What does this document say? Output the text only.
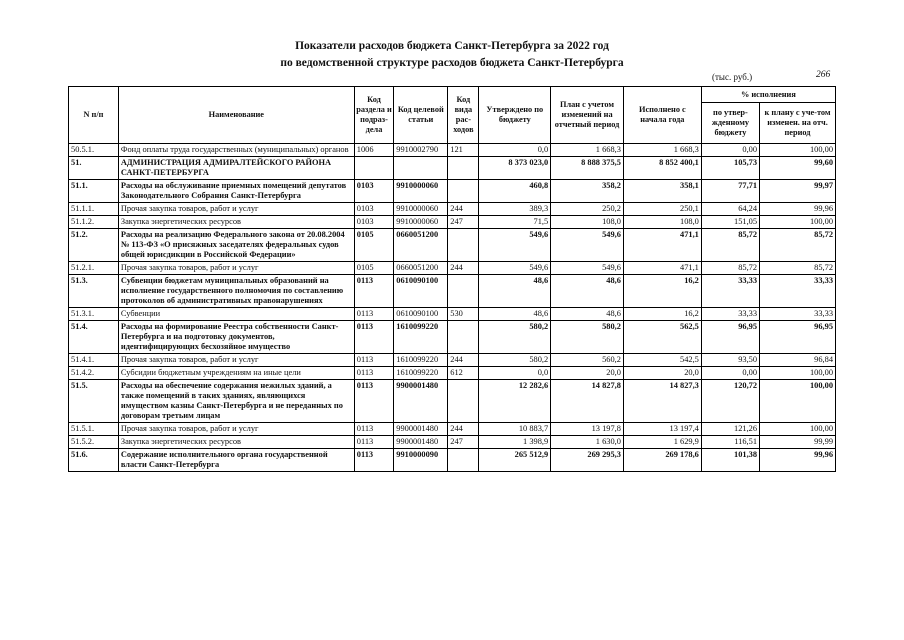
Показатели расходов бюджета Санкт-Петербурга за 2022 год
по ведомственной структуре расходов бюджета Санкт-Петербурга
(тыс. руб.)	266
N п/п	Наименование	Код раздела и подраз-дела	Код целевой статьи	Код вида рас-ходов	Утверждено по бюджету	План с учетом изменений на отчетный период	Исполнено с начала года	% исполнения	
								по утвер-жденному бюджету	к плану с уче-том изменен. на отч. период
50.5.1.	Фонд оплаты труда государственных (муниципальных) органов	1006	9910002790	121	0,0	1 668,3	1 668,3	0,00	100,00
51.	АДМИНИСТРАЦИЯ АДМИРАЛТЕЙСКОГО РАЙОНА САНКТ-ПЕТЕРБУРГА				8 373 023,0	8 888 375,5	8 852 400,1	105,73	99,60
51.1.	Расходы на обслуживание приемных помещений депутатов Законодательного Собрания Санкт-Петербурга	0103	9910000060		460,8	358,2	358,1	77,71	99,97
51.1.1.	Прочая закупка товаров, работ и услуг	0103	9910000060	244	389,3	250,2	250,1	64,24	99,96
51.1.2.	Закупка энергетических ресурсов	0103	9910000060	247	71,5	108,0	108,0	151,05	100,00
51.2.	Расходы на реализацию Федерального закона от 20.08.2004 № 113-ФЗ «О присяжных заседателях федеральных судов общей юрисдикции в Российской Федерации»	0105	0660051200		549,6	549,6	471,1	85,72	85,72
51.2.1.	Прочая закупка товаров, работ и услуг	0105	0660051200	244	549,6	549,6	471,1	85,72	85,72
51.3.	Субвенции бюджетам муниципальных образований на исполнение государственного полномочия по составлению протоколов об административных правонарушениях	0113	0610090100		48,6	48,6	16,2	33,33	33,33
51.3.1.	Субвенции	0113	0610090100	530	48,6	48,6	16,2	33,33	33,33
51.4.	Расходы на формирование Реестра собственности Санкт-Петербурга и на подготовку документов, идентифицирующих бесхозяйное имущество	0113	1610099220		580,2	580,2	562,5	96,95	96,95
51.4.1.	Прочая закупка товаров, работ и услуг	0113	1610099220	244	580,2	560,2	542,5	93,50	96,84
51.4.2.	Субсидии бюджетным учреждениям на иные цели	0113	1610099220	612	0,0	20,0	20,0	0,00	100,00
51.5.	Расходы на обеспечение содержания нежилых зданий, а также помещений в таких зданиях, являющихся имуществом казны Санкт-Петербурга и не переданных по договорам третьим лицам	0113	9900001480		12 282,6	14 827,8	14 827,3	120,72	100,00
51.5.1.	Прочая закупка товаров, работ и услуг	0113	9900001480	244	10 883,7	13 197,8	13 197,4	121,26	100,00
51.5.2.	Закупка энергетических ресурсов	0113	9900001480	247	1 398,9	1 630,0	1 629,9	116,51	99,99
51.6.	Содержание исполнительного органа государственной власти Санкт-Петербурга	0113	9910000090		265 512,9	269 295,3	269 178,6	101,38	99,96
